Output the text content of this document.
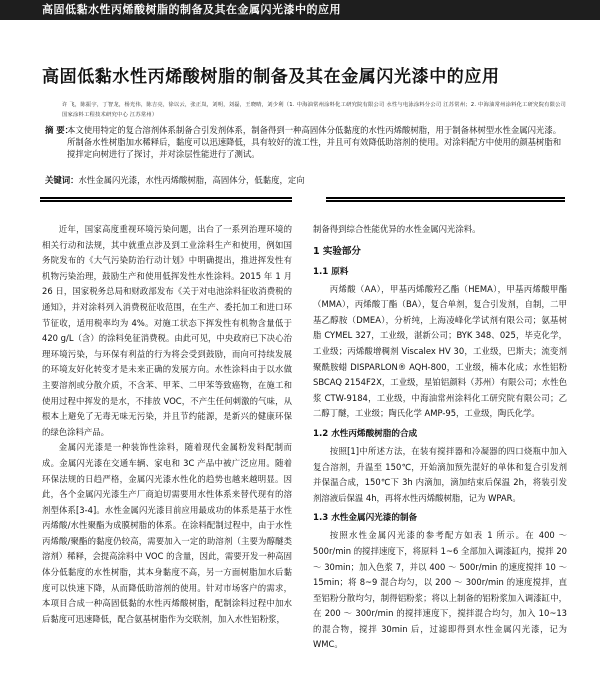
高固低黏水性丙烯酸树脂的制备及其在金属闪光漆中的应用
高固低黏水性丙烯酸树脂的制备及其在金属闪光漆中的应用
许 飞，陈振宇，丁智龙，杨光伟，陈吉亮，徐以云，张正岚，刘明，刘磊，王晓晴，刘少利（1. 中海油常州涂料化工研究院有限公司 水性与电泳涂料分公司 江苏常州；2. 中海油常州涂料化工研究院有限公司 国家涂料工程技术研究中心 江苏常州）
摘 要：
本文使用特定的复合溶剂体系制备合引发剂体系，制备得到一种高固体分低黏度的水性丙烯酸树脂，用于制备林树型水性金属闪光漆。所制备水性树脂加水稀释后，黏度可以迅速降低，具有较好的流工性，并且可有效降低助溶剂的使用。对涂料配方中使用的颜基树脂和搅拌定向树进行了探讨，并对涂层性能进行了测试。
关键词：水性金属闪光漆，水性丙烯酸树脂，高固体分，低黏度，定向

近年，国家高度重视环境污染问题，出台了一系列治理环境的相关行动和法规，其中就重点涉及到工业涂料生产和使用，例如国务院发布的《大气污染防治行动计划》中明确提出，推进挥发性有机物污染治理，鼓励生产和使用低挥发性水性涂料。2015 年 1 月 26 日，国家税务总局和财政部发布《关于对电池涂料征收消费税的通知》，并对涂料列入消费税征收范围，在生产、委托加工和进口环节征收，适用税率均为 4%。对施工状态下挥发性有机物含量低于 420 g/L（含）的涂料免征消费税。由此可见，中央政府已下决心治理环境污染，与环保有利益的行为将会受到鼓励，而向可持续发展的环境友好化转变才是未来正确的发展方向。水性涂料由于以水做主要溶剂或分散介质，不含苯、甲苯、二甲苯等致癌物，在施工和使用过程中挥发的是水，不排放 VOC，不产生任何刺激的气味，从根本上避免了无毒无味无污染，并且节约能源，是新兴的健康环保的绿色涂料产品。

金属闪光漆是一种装饰性涂料，随着现代金属粉发料配制而成。金属闪光漆在交通车辆、家电和 3C 产品中被广泛应用。随着环保法规的日趋严格，金属闪光漆水性化的趋势也越来越明显。因此，各个金属闪光漆生产厂商迫切需要用水性体系来替代现有的溶剂型体系[3-4]。水性金属闪光漆目前应用最成功的体系是基于水性丙烯酸/水性聚酯为成膜树脂的体系。在涂料配制过程中，由于水性丙烯酸/聚酯的黏度仍较高，需要加入一定的助溶剂（主要为醇醚类溶剂）稀释，会提高涂料中 VOC 的含量，因此，需要开发一种高固体分低黏度的水性树脂，其本身黏度不高，另一方面树脂加水后黏度可以快速下降，从而降低助溶剂的使用。针对市场客户的需求，本项目合成一种高固低黏的水性丙烯酸树脂，配制涂料过程中加水后黏度可迅速降低，配合氨基树脂作为交联剂，加入水性铝粉浆，

制备得到综合性能优异的水性金属闪光涂料。

1 实验部分
1.1 原料

丙烯酸（AA），甲基丙烯酸羟乙酯（HEMA），甲基丙烯酸甲酯（MMA），丙烯酸丁酯（BA），复合单剂，复合引发剂，自制，二甲基乙醇胺（DMEA），分析纯，上海凌峰化学试剂有限公司；氨基树脂 CYMEL 327，工业级，湛新公司；BYK 348、025，毕克化学，工业级；丙烯酸增稠剂 Viscalex HV 30，工业级，巴斯夫；流变剂聚酰胺蜡 DISPARLON® AQH-800，工业级，楠本化成；水性铝粉 SBCAQ 2154F2X，工业级，星铂铝颜料（苏州）有限公司；水性色浆 CTW-9184，工业级，中海油常州涂料化工研究院有限公司；乙二醇丁醚，工业级；陶氏化学 AMP-95，工业级，陶氏化学。

1.2 水性丙烯酸树脂的合成

按照[1]中所述方法，在装有搅拌器和冷凝器的四口烧瓶中加入复合溶剂，升温至 150℃，开始滴加预先混好的单体和复合引发剂并保温合成，150℃下 3h 内滴加，滴加结束后保温 2h，将装引发剂溶液后保温 4h，再将水性丙烯酸树脂，记为 WPAR。

1.3 水性金属闪光漆的制备

按照水性金属闪光漆的参考配方如表 1 所示。在 400 ～ 500r/min 的搅拌速度下，将原料 1~6 全部加入调漆缸内，搅拌 20 ～ 30min；加入色浆 7，并以 400 ～ 500r/min 的速度搅拌 10 ～ 15min；将 8~9 混合均匀，以 200 ～ 300r/min 的速度搅拌，直至铝粉分散均匀，制得铝粉浆；将以上制备的铝粉浆加入调漆缸中，在 200 ～ 300r/min 的搅拌速度下，搅拌混合均匀，加入 10~13 的混合物，搅拌 30min 后，过滤即得到水性金属闪光漆，记为 WMC。
